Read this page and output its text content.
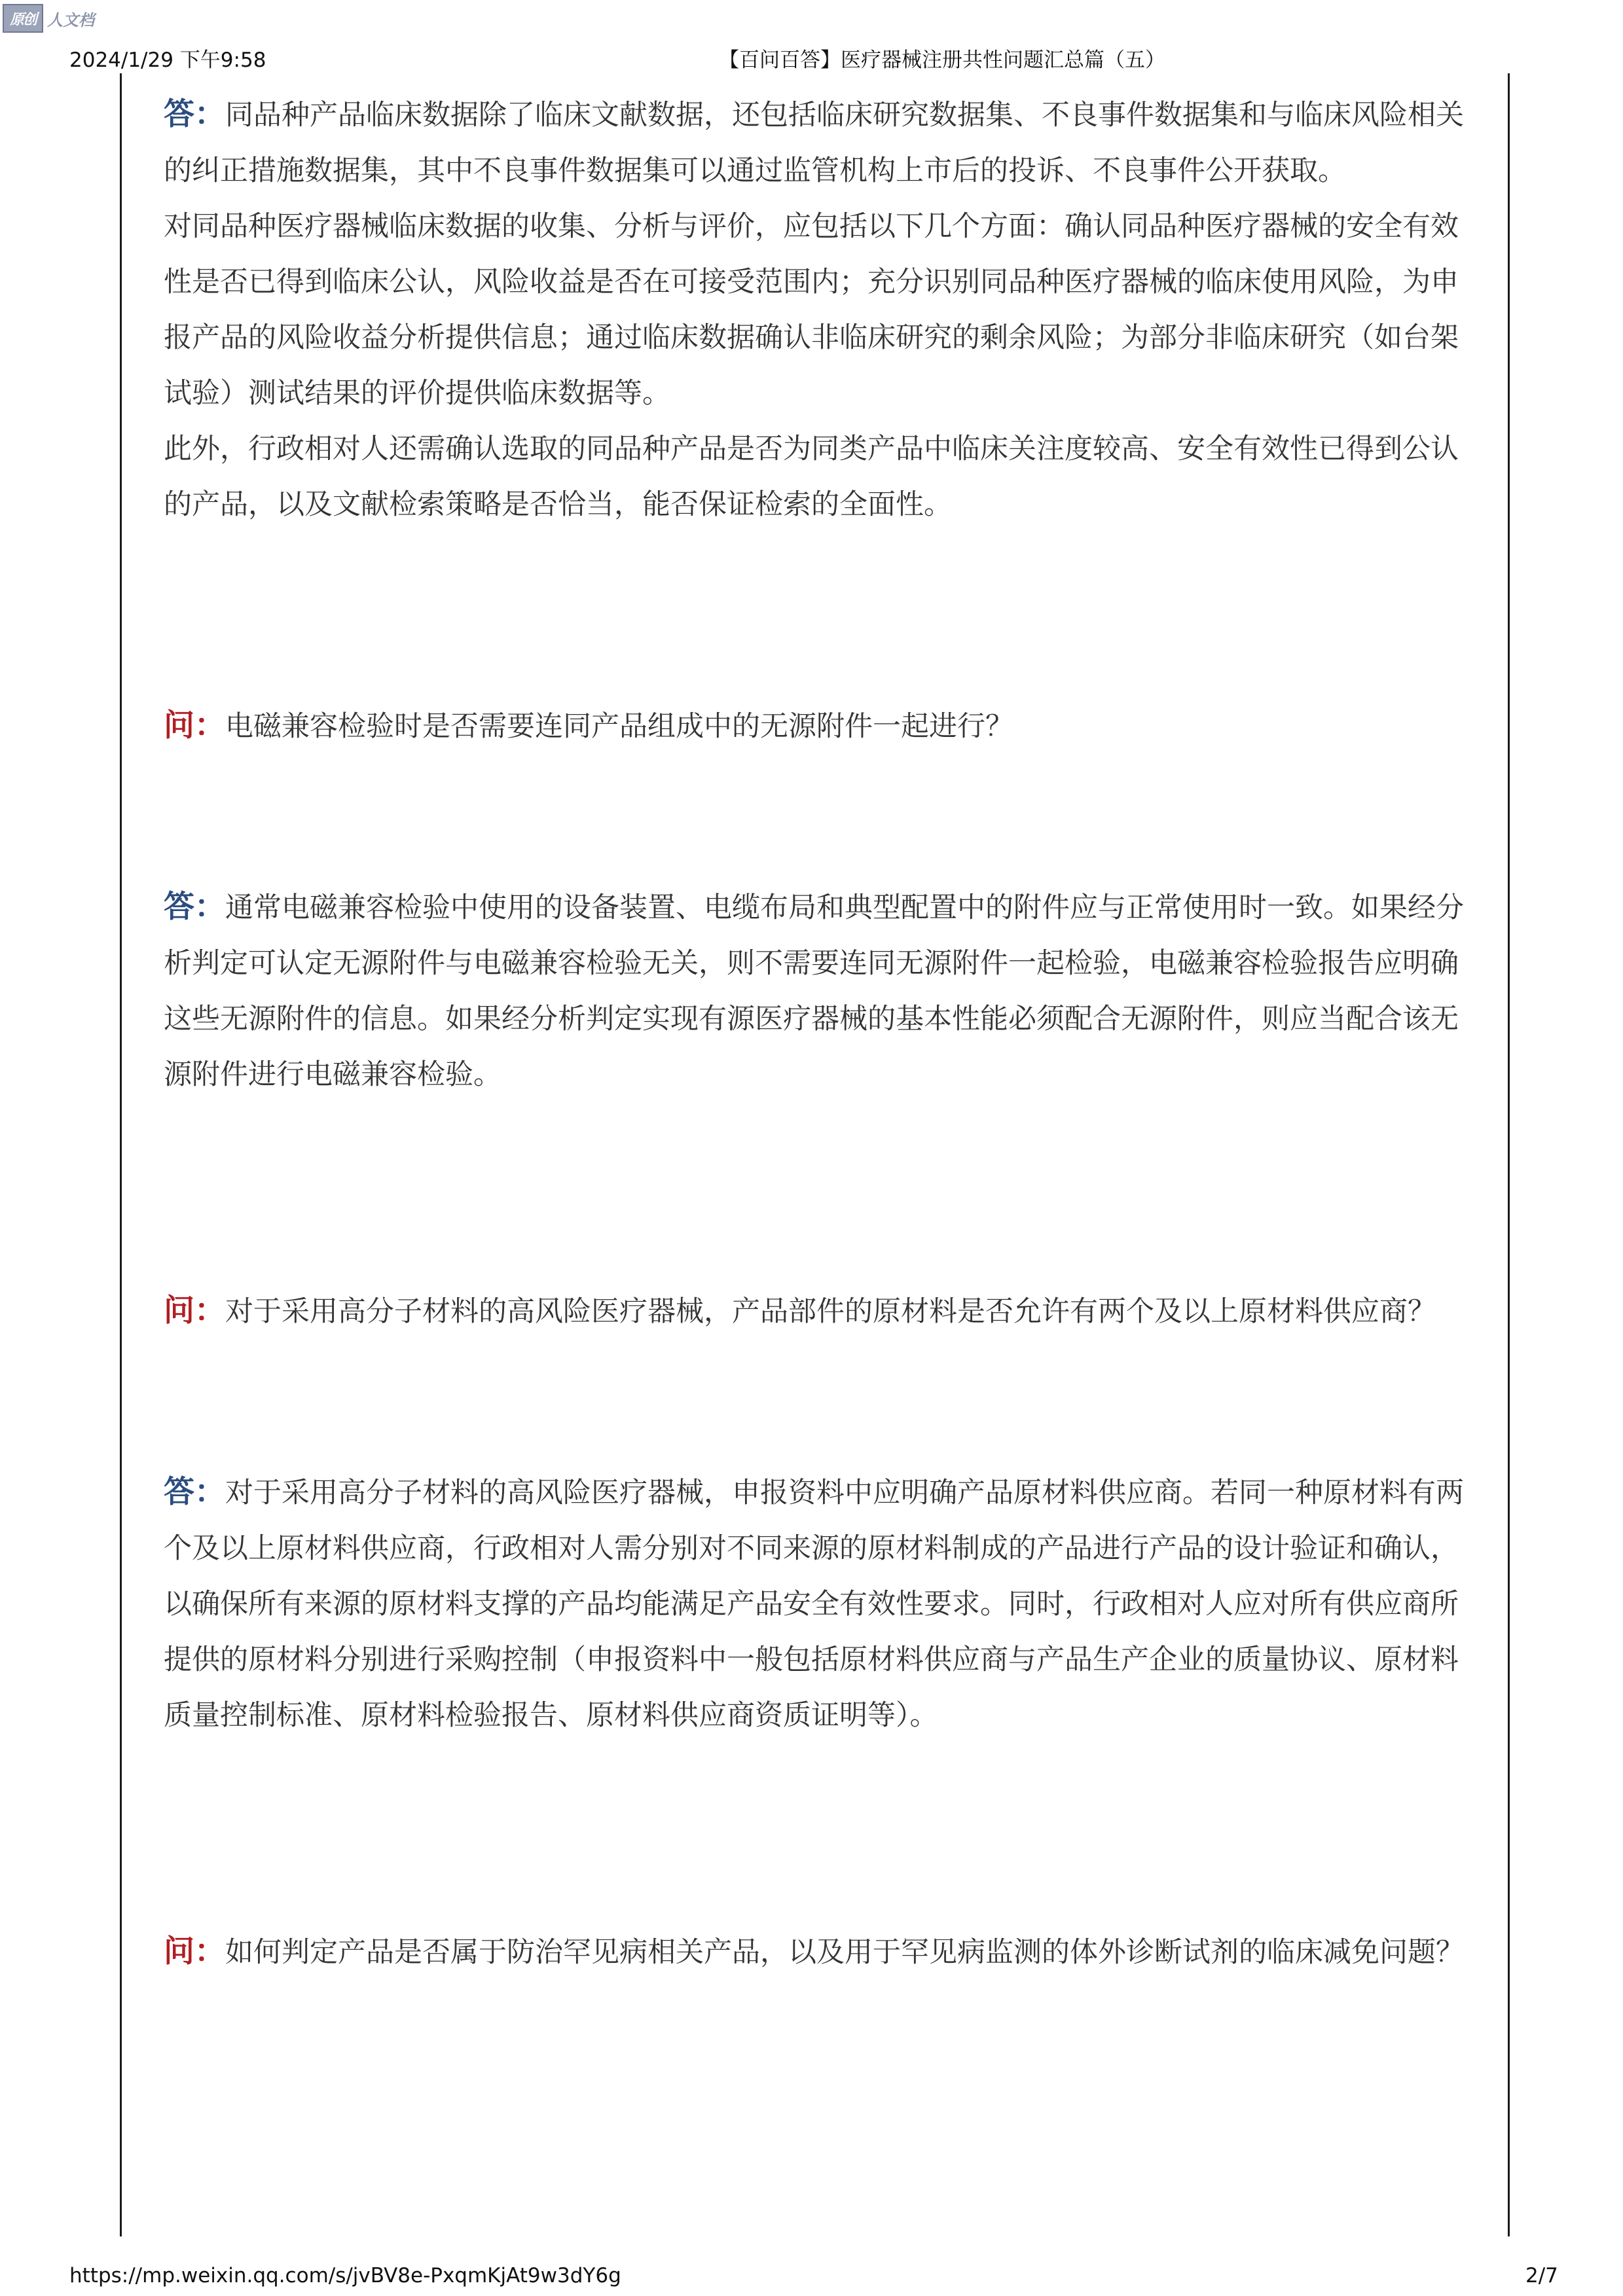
原创 人文档
2024/1/29 下午9:58	【百问百答】医疗器械注册共性问题汇总篇（五）

答：同品种产品临床数据除了临床文献数据，还包括临床研究数据集、不良事件数据集和与临床风险相关的纠正措施数据集，其中不良事件数据集可以通过监管机构上市后的投诉、不良事件公开获取。

对同品种医疗器械临床数据的收集、分析与评价，应包括以下几个方面：确认同品种医疗器械的安全有效性是否已得到临床公认，风险收益是否在可接受范围内；充分识别同品种医疗器械的临床使用风险，为申报产品的风险收益分析提供信息；通过临床数据确认非临床研究的剩余风险；为部分非临床研究（如台架试验）测试结果的评价提供临床数据等。

此外，行政相对人还需确认选取的同品种产品是否为同类产品中临床关注度较高、安全有效性已得到公认的产品，以及文献检索策略是否恰当，能否保证检索的全面性。

问：电磁兼容检验时是否需要连同产品组成中的无源附件一起进行？

答：通常电磁兼容检验中使用的设备装置、电缆布局和典型配置中的附件应与正常使用时一致。如果经分析判定可认定无源附件与电磁兼容检验无关，则不需要连同无源附件一起检验，电磁兼容检验报告应明确这些无源附件的信息。如果经分析判定实现有源医疗器械的基本性能必须配合无源附件，则应当配合该无源附件进行电磁兼容检验。

问：对于采用高分子材料的高风险医疗器械，产品部件的原材料是否允许有两个及以上原材料供应商？

答：对于采用高分子材料的高风险医疗器械，申报资料中应明确产品原材料供应商。若同一种原材料有两个及以上原材料供应商，行政相对人需分别对不同来源的原材料制成的产品进行产品的设计验证和确认，以确保所有来源的原材料支撑的产品均能满足产品安全有效性要求。同时，行政相对人应对所有供应商所提供的原材料分别进行采购控制（申报资料中一般包括原材料供应商与产品生产企业的质量协议、原材料质量控制标准、原材料检验报告、原材料供应商资质证明等）。

问：如何判定产品是否属于防治罕见病相关产品，以及用于罕见病监测的体外诊断试剂的临床减免问题？

https://mp.weixin.qq.com/s/jvBV8e-PxqmKjAt9w3dY6g	2/7
